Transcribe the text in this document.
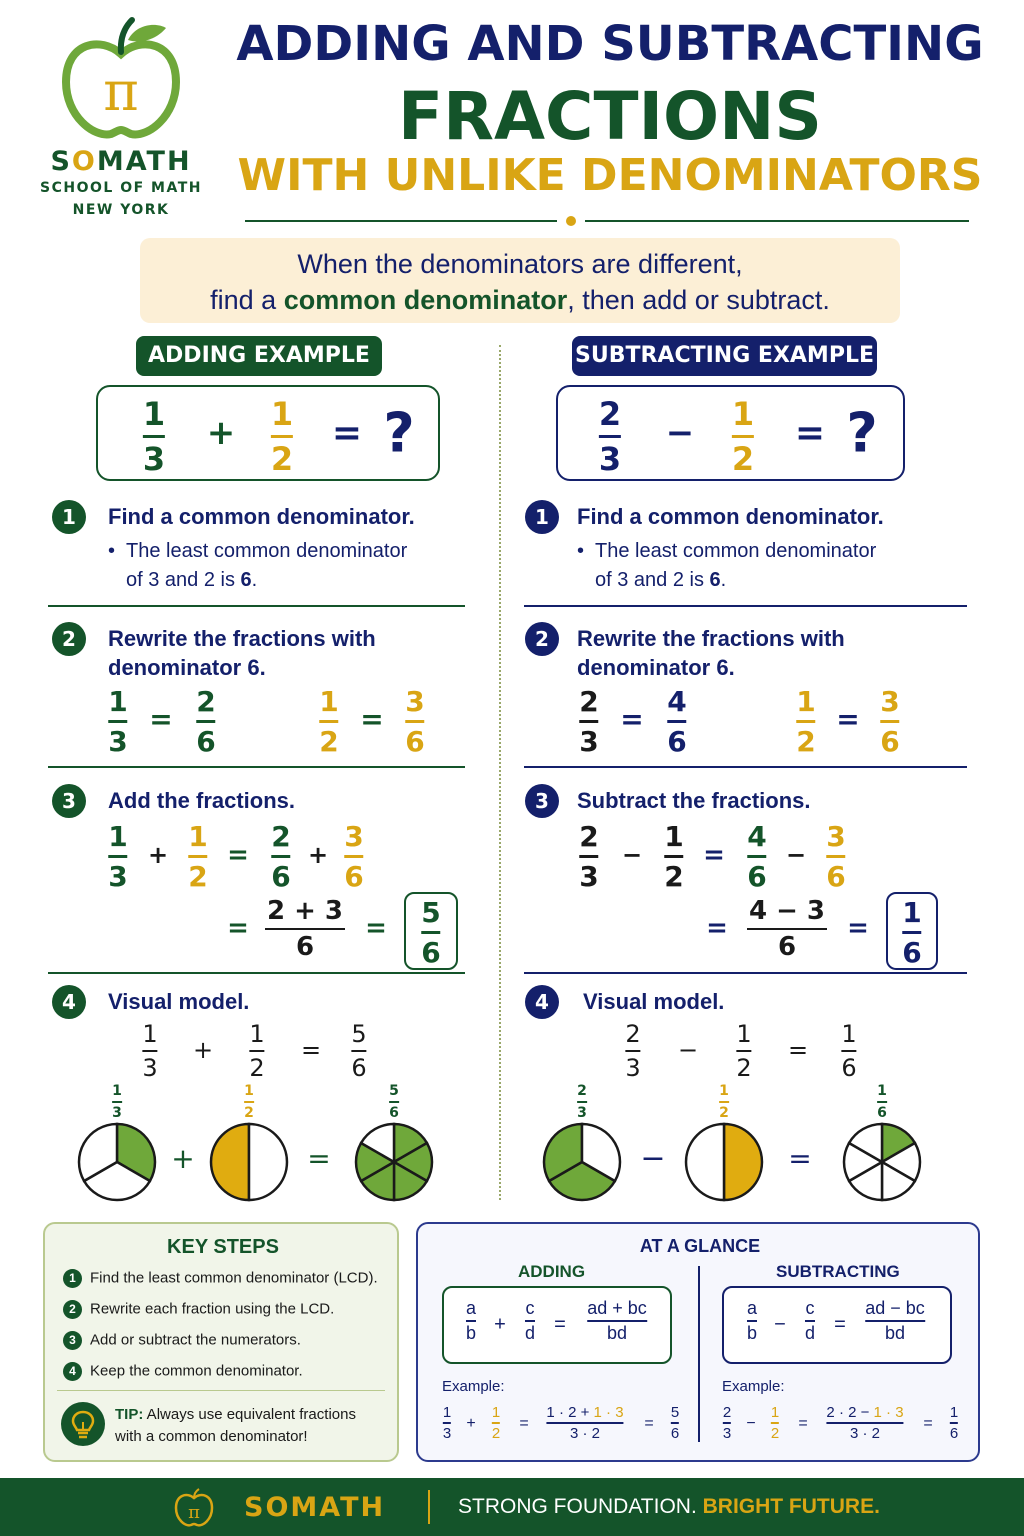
π
SOMATH
SCHOOL OF MATH
NEW YORK
ADDING AND SUBTRACTING
FRACTIONS
WITH UNLIKE DENOMINATORS
When the denominators are different,
find a common denominator, then add or subtract.
ADDING EXAMPLE
1
3
+ 1
2
= ?
1	Find a common denominator.
• The least common denominator
of 3 and 2 is 6.
2	Rewrite the fractions with
denominator 6.
1
3
=
2
6
1
2
=
3
6
3	Add the fractions.
1
3
+
1
2
=
2
6
+
3
6
=
2 + 3
6
= 5
6
4	Visual model.
1
3
+
1
2
=
5
6
1
3
1
2
5
6
+	=
SUBTRACTING EXAMPLE
2
3
− 1
2
= ?
1	Find a common denominator.
• The least common denominator
of 3 and 2 is 6.
2	Rewrite the fractions with
denominator 6.
2
3
=
4
6
1
2
=
3
6
3	Subtract the fractions.
2
3
−
1
2
=
4
6
−
3
6
=
4 − 3
6
= 1
6
4	Visual model.
2
3
−
1
2
=
1
6
2
3
1
2
1
6
−	=
KEY STEPS
1 Find the least common denominator (LCD).
2 Rewrite each fraction using the LCD.
3 Add or subtract the numerators.
4 Keep the common denominator.
TIP: Always use equivalent fractions
with a common denominator!
AT A GLANCE
ADDING
a
b +
c
d =
ad + bc
bd
Example:
1
3
+
1
2
=
1 · 2 + 1 · 3
3 · 2
=
5
6
SUBTRACTING
a
b −
c
d =
ad − bc
bd
Example:
2
3
−
1
2
=
2 · 2 − 1 · 3
3 · 2
=
1
6
π SOMATH	STRONG FOUNDATION. BRIGHT FUTURE.
